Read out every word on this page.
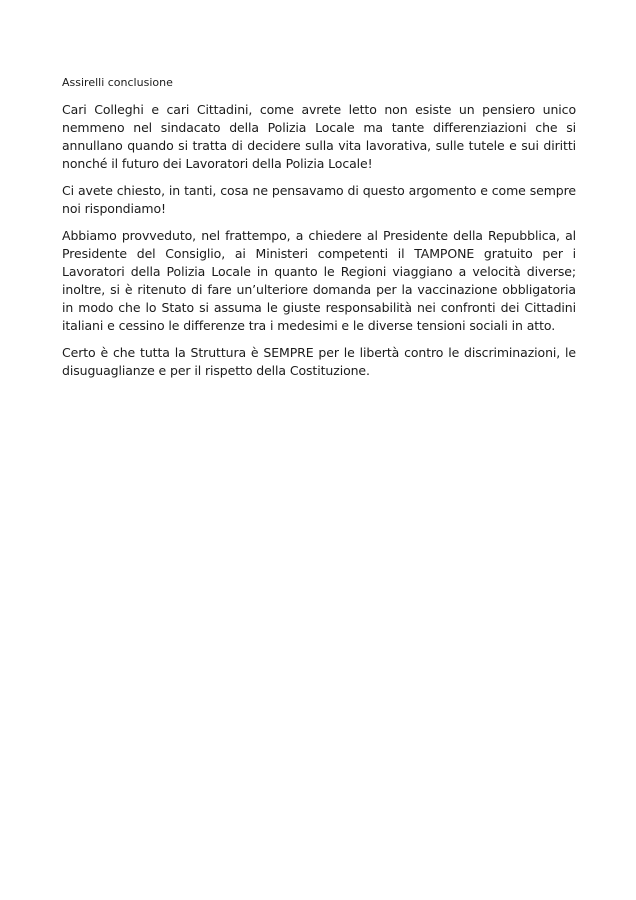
Assirelli conclusione

Cari Colleghi e cari Cittadini, come avrete letto non esiste un pensiero unico nemmeno nel sindacato della Polizia Locale ma tante differenziazioni che si annullano quando si tratta di decidere sulla vita lavorativa, sulle tutele e sui diritti nonché il futuro dei Lavoratori della Polizia Locale!

Ci avete chiesto, in tanti, cosa ne pensavamo di questo argomento e come sempre noi rispondiamo!

Abbiamo provveduto, nel frattempo, a chiedere al Presidente della Repubblica, al Presidente del Consiglio, ai Ministeri competenti il TAMPONE gratuito per i Lavoratori della Polizia Locale in quanto le Regioni viaggiano a velocità diverse; inoltre, si è ritenuto di fare un’ulteriore domanda per la vaccinazione obbligatoria in modo che lo Stato si assuma le giuste responsabilità nei confronti dei Cittadini italiani e cessino le differenze tra i medesimi e le diverse tensioni sociali in atto.

Certo è che tutta la Struttura è SEMPRE per le libertà contro le discriminazioni, le disuguaglianze e per il rispetto della Costituzione.
